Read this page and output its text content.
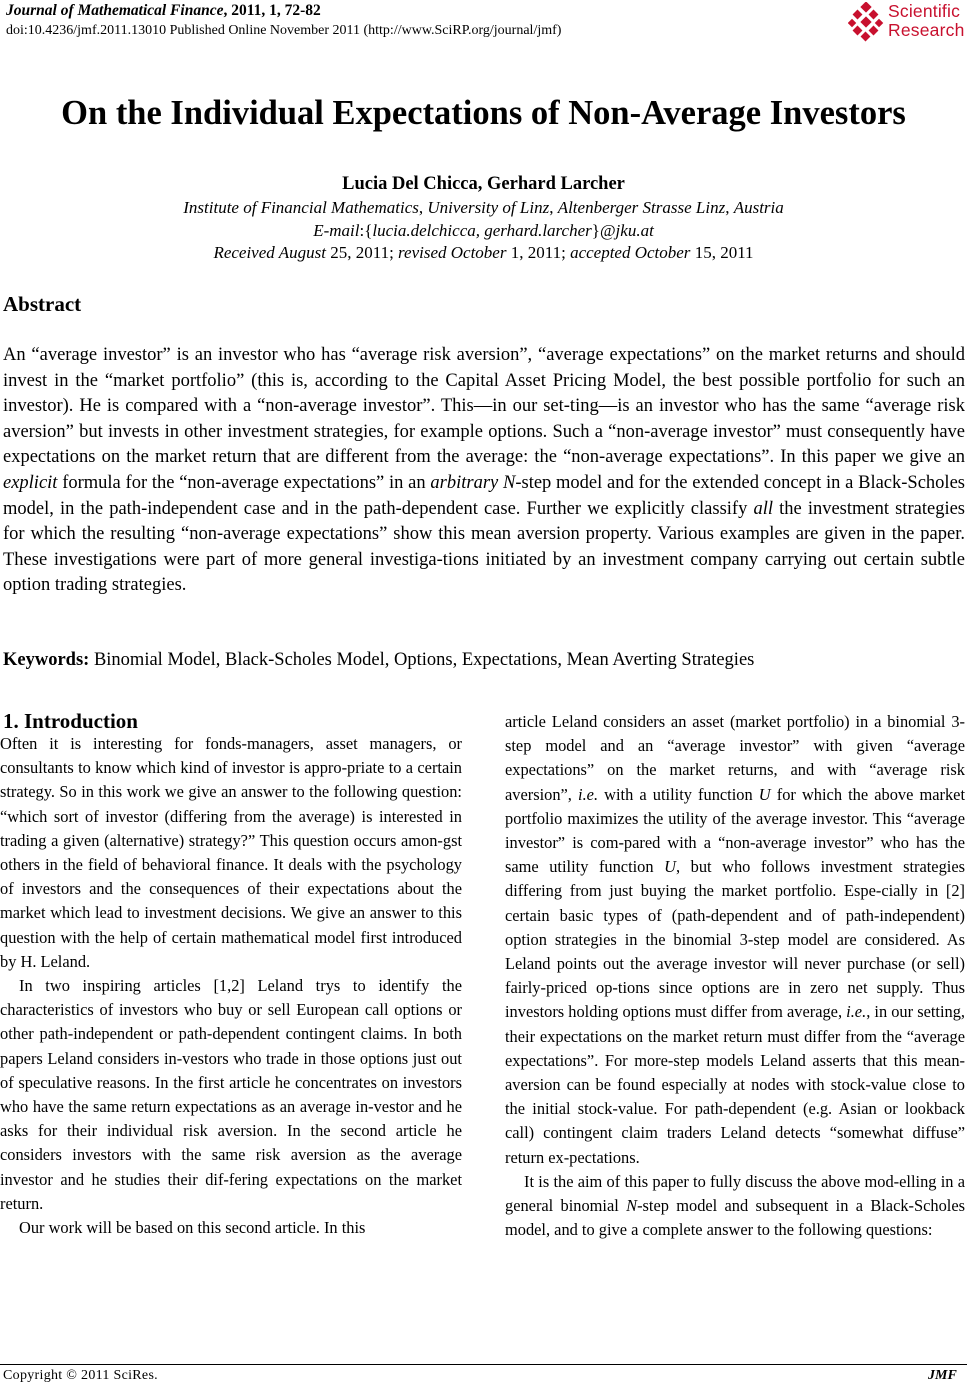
Journal of Mathematical Finance, 2011, 1, 72-82
doi:10.4236/jmf.2011.13010 Published Online November 2011 (http://www.SciRP.org/journal/jmf)
Scientific
Research
On the Individual Expectations of Non-Average Investors
Lucia Del Chicca, Gerhard Larcher
Institute of Financial Mathematics, University of Linz, Altenberger Strasse Linz, Austria
E-mail:{lucia.delchicca, gerhard.larcher}@jku.at
Received August 25, 2011; revised October 1, 2011; accepted October 15, 2011
Abstract
An “average investor” is an investor who has “average risk aversion”, “average expectations” on the market returns and should invest in the “market portfolio” (this is, according to the Capital Asset Pricing Model, the best possible portfolio for such an investor). He is compared with a “non-average investor”. This—in our set-ting—is an investor who has the same “average risk aversion” but invests in other investment strategies, for example options. Such a “non-average investor” must consequently have expectations on the market return that are different from the average: the “non-average expectations”. In this paper we give an explicit formula for the “non-average expectations” in an arbitrary N-step model and for the extended concept in a Black-Scholes model, in the path-independent case and in the path-dependent case. Further we explicitly classify all the investment strategies for which the resulting “non-average expectations” show this mean aversion property. Various examples are given in the paper. These investigations were part of more general investiga-tions initiated by an investment company carrying out certain subtle option trading strategies.
Keywords: Binomial Model, Black-Scholes Model, Options, Expectations, Mean Averting Strategies
1. Introduction

Often it is interesting for fonds-managers, asset managers, or consultants to know which kind of investor is appro-priate to a certain strategy. So in this work we give an answer to the following question: “which sort of investor (differing from the average) is interested in trading a given (alternative) strategy?” This question occurs amon-gst others in the field of behavioral finance. It deals with the psychology of investors and the consequences of their expectations about the market which lead to investment decisions. We give an answer to this question with the help of certain mathematical model first introduced by H. Leland.

In two inspiring articles [1,2] Leland trys to identify the characteristics of investors who buy or sell European call options or other path-independent or path-dependent contingent claims. In both papers Leland considers in-vestors who trade in those options just out of speculative reasons. In the first article he concentrates on investors who have the same return expectations as an average in-vestor and he asks for their individual risk aversion. In the second article he considers investors with the same risk aversion as the average investor and he studies their dif-fering expectations on the market return.

Our work will be based on this second article. In this

article Leland considers an asset (market portfolio) in a binomial 3-step model and an “average investor” with given “average expectations” on the market returns, and with “average risk aversion”, i.e. with a utility function U for which the above market portfolio maximizes the utility of the average investor. This “average investor” is com-pared with a “non-average investor” who has the same utility function U, but who follows investment strategies differing from just buying the market portfolio. Espe-cially in [2] certain basic types of (path-dependent and of path-independent) option strategies in the binomial 3-step model are considered. As Leland points out the average investor will never purchase (or sell) fairly-priced op-tions since options are in zero net supply. Thus investors holding options must differ from average, i.e., in our setting, their expectations on the market return must differ from the “average expectations”. For more-step models Leland asserts that this mean-aversion can be found especially at nodes with stock-value close to the initial stock-value. For path-dependent (e.g. Asian or lookback call) contingent claim traders Leland detects “somewhat diffuse” return ex-pectations.

It is the aim of this paper to fully discuss the above mod-elling in a general binomial N-step model and subsequent in a Black-Scholes model, and to give a complete answer to the following questions:

Copyright © 2011 SciRes.	JMF
